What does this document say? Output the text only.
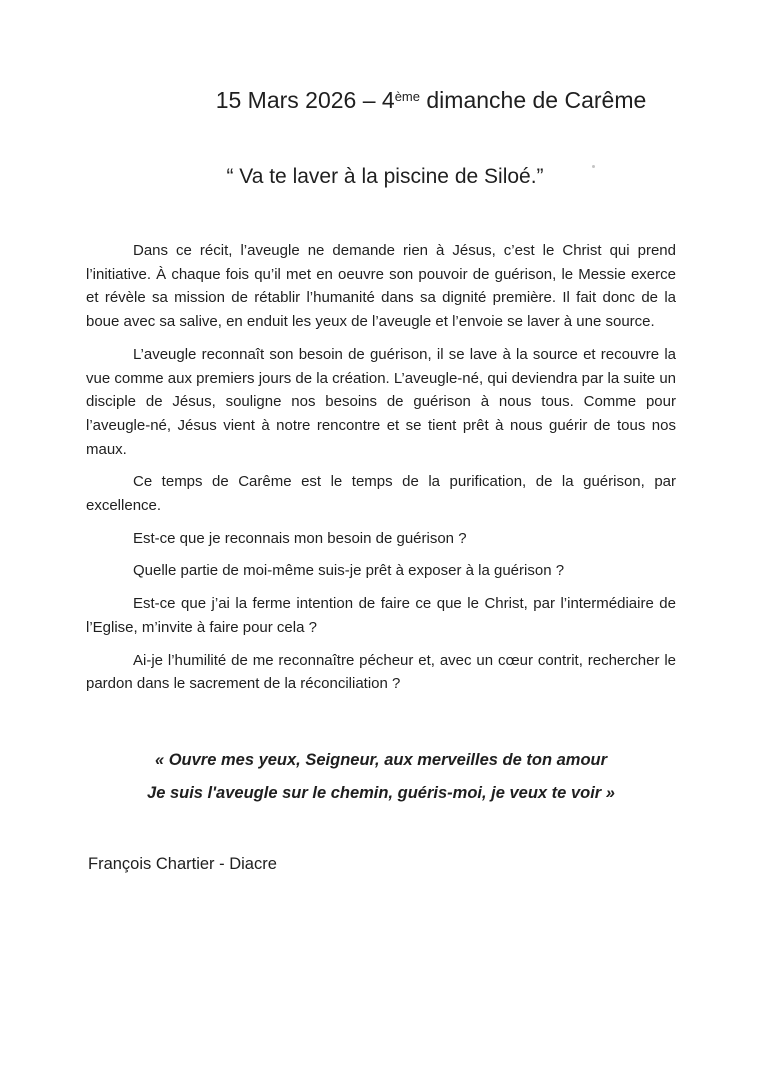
15 Mars 2026 – 4ème dimanche de Carême
“ Va te laver à la piscine de Siloé.”

Dans ce récit, l’aveugle ne demande rien à Jésus, c’est le Christ qui prend l’initiative. À chaque fois qu’il met en oeuvre son pouvoir de guérison, le Messie exerce et révèle sa mission de rétablir l’humanité dans sa dignité première. Il fait donc de la boue avec sa salive, en enduit les yeux de l’aveugle et l’envoie se laver à une source.

L’aveugle reconnaît son besoin de guérison, il se lave à la source et recouvre la vue comme aux premiers jours de la création. L’aveugle-né, qui deviendra par la suite un disciple de Jésus, souligne nos besoins de guérison à nous tous. Comme pour l’aveugle-né, Jésus vient à notre rencontre et se tient prêt à nous guérir de tous nos maux.

Ce temps de Carême est le temps de la purification, de la guérison, par excellence.

Est-ce que je reconnais mon besoin de guérison ?

Quelle partie de moi-même suis-je prêt à exposer à la guérison ?

Est-ce que j’ai la ferme intention de faire ce que le Christ, par l’intermédiaire de l’Eglise, m’invite à faire pour cela ?

Ai-je l’humilité de me reconnaître pécheur et, avec un cœur contrit, rechercher le pardon dans le sacrement de la réconciliation ?

« Ouvre mes yeux, Seigneur, aux merveilles de ton amour
Je suis l'aveugle sur le chemin, guéris-moi, je veux te voir »
François Chartier - Diacre
